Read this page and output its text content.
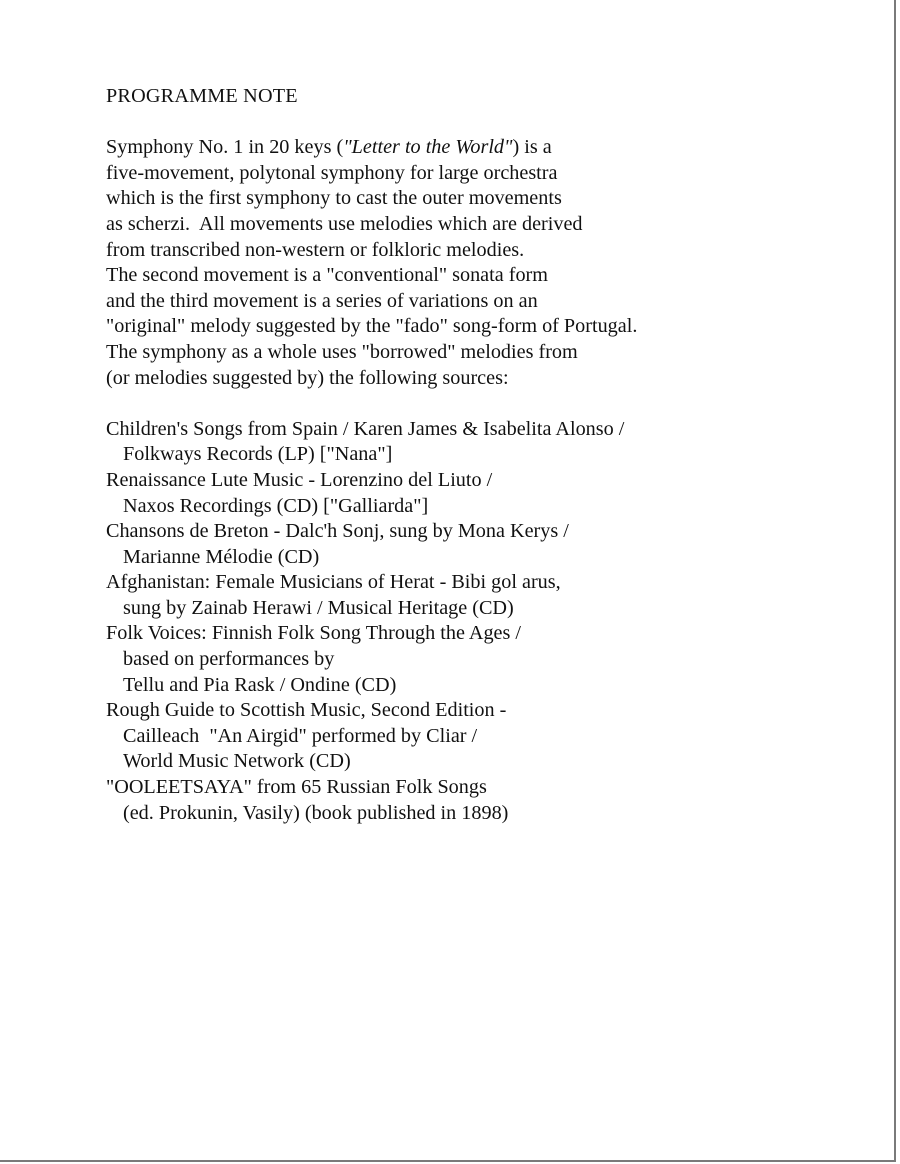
PROGRAMME NOTE
Symphony No. 1 in 20 keys ("Letter to the World") is a
five-movement, polytonal symphony for large orchestra
which is the first symphony to cast the outer movements
as scherzi.  All movements use melodies which are derived
from transcribed non-western or folkloric melodies.
The second movement is a "conventional" sonata form
and the third movement is a series of variations on an
"original" melody suggested by the "fado" song-form of Portugal.
The symphony as a whole uses "borrowed" melodies from
(or melodies suggested by) the following sources:
Children's Songs from Spain / Karen James & Isabelita Alonso /
Folkways Records (LP) ["Nana"]
Renaissance Lute Music - Lorenzino del Liuto /
Naxos Recordings (CD) ["Galliarda"]
Chansons de Breton - Dalc'h Sonj, sung by Mona Kerys /
Marianne Mélodie (CD)
Afghanistan: Female Musicians of Herat - Bibi gol arus,
sung by Zainab Herawi / Musical Heritage (CD)
Folk Voices: Finnish Folk Song Through the Ages /
based on performances by
Tellu and Pia Rask / Ondine (CD)
Rough Guide to Scottish Music, Second Edition -
Cailleach  "An Airgid" performed by Cliar /
World Music Network (CD)
"OOLEETSAYA" from 65 Russian Folk Songs
(ed. Prokunin, Vasily) (book published in 1898)
